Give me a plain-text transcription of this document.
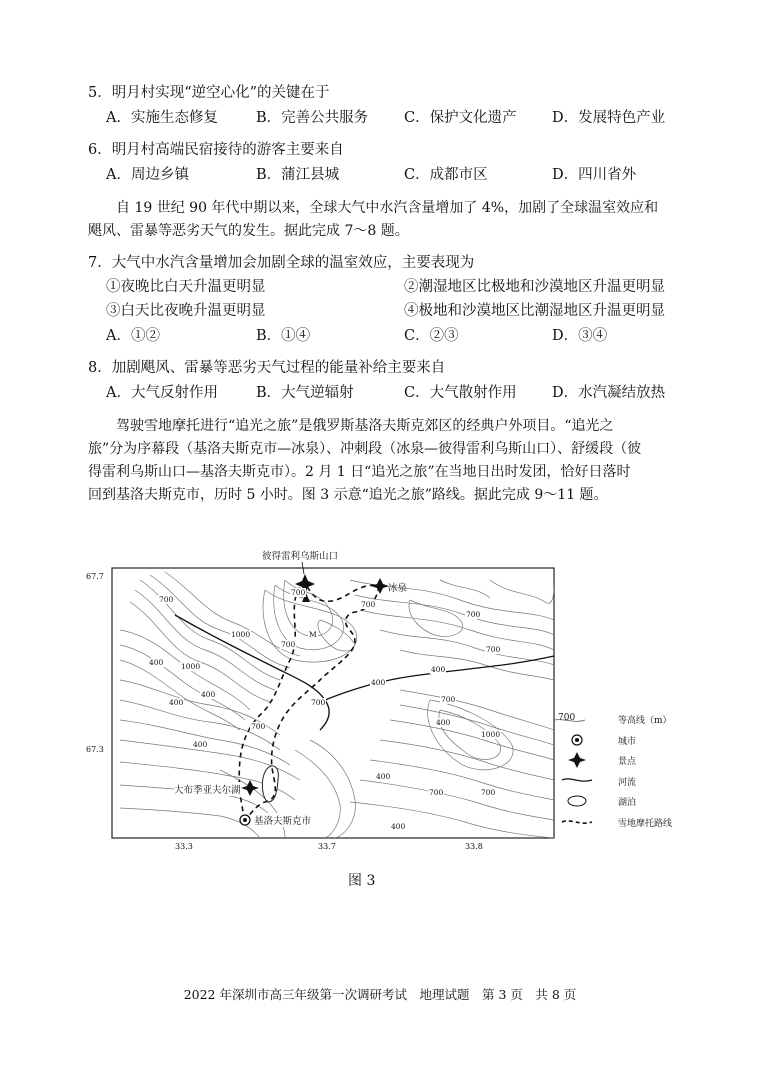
5．明月村实现“逆空心化”的关键在于
A．实施生态修复	B．完善公共服务 C．保护文化遗产 D．发展特色产业
6．明月村高端民宿接待的游客主要来自
A．周边乡镇	B．蒲江县城	C．成都市区	D．四川省外
自 19 世纪 90 年代中期以来，全球大气中水汽含量增加了 4%，加剧了全球温室效应和
飓风、雷暴等恶劣天气的发生。据此完成 7～8 题。
7．大气中水汽含量增加会加剧全球的温室效应，主要表现为
①夜晚比白天升温更明显	②潮湿地区比极地和沙漠地区升温更明显
③白天比夜晚升温更明显	④极地和沙漠地区比潮湿地区升温更明显
A．①②	B．①④	C．②③	D．③④
8．加剧飓风、雷暴等恶劣天气过程的能量补给主要来自
A．大气反射作用	B．大气逆辐射	C．大气散射作用 D．水汽凝结放热
驾驶雪地摩托进行“追光之旅”是俄罗斯基洛夫斯克郊区的经典户外项目。“追光之
旅”分为序幕段（基洛夫斯克市—冰泉）、冲刺段（冰泉—彼得雷利乌斯山口）、舒缓段（彼
得雷利乌斯山口—基洛夫斯克市）。2 月 1 日“追光之旅”在当地日出时发团，恰好日落时
回到基洛夫斯克市，历时 5 小时。图 3 示意“追光之旅”路线。据此完成 9～11 题。
700
1000
400 1000
400
700
M
700
700
700
400
400
700	700
400
1000
700
400
700
400
400
400
700
700
67.7
67.3
33.3	33.7	33.8
彼得雷利乌斯山口
冰泉
大布季亚夫尔湖
基洛夫斯克市
700	等高线（m）
城市
景点
河流
湖泊
雪地摩托路线
图 3
2022 年深圳市高三年级第一次调研考试　地理试题　第 3 页　共 8 页
